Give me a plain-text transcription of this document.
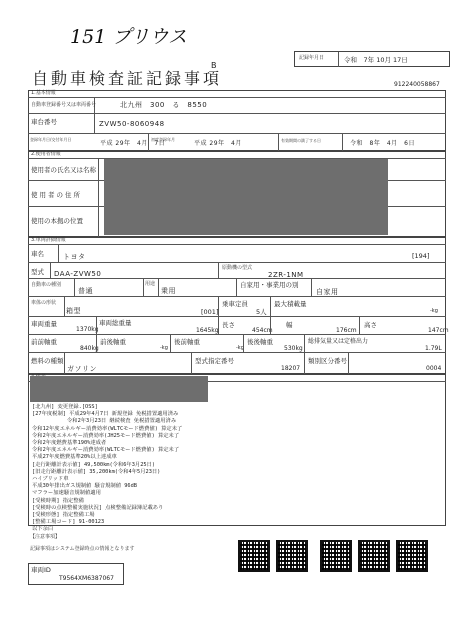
151 プリウス
B
記録年月日	令和　7年 10月 17日
自動車検査証記録事項	912240058867
1.基本情報
自動車登録番号又は車両番号	北九州　300　る　8550
車台番号	ZVW50-8060948
登録年月日/交付年月日
平成 29年　4月　7日
初度登録年月
平成 29年　4月	有効期間の満了する日	令和　8年　4月　6日
2.使用者情報
使用者の氏名又は名称
使用者の住所
使用の本拠の位置
3.車両詳細情報
車名	トヨタ	[194]
型式 DAA-ZVW50
原動機の型式
2ZR-1NM
自動車の種別
普通
用途
乗用
自家用・事業用の別
自家用
車体の形状
箱型	[001]
乗車定員
5人
最大積載量
-kg
車両重量
1370kg
車両総重量
1645kg
長さ
454cm
幅
176cm
高さ
147cm
前前軸重
840kg
前後軸重
-kg
後前軸重
-kg
後後軸重
530kg
総排気量又は定格出力
1.79L
燃料の種類
ガソリン
型式指定番号
18207
類別区分番号
0004
[北九州] 変更登録.[OSS]
[27年度税制] 平成29年4月7日 新規登録 免税措置適用済み
　　　　　　 令和2年3月23日 継続検査 免税措置適用済み
令和12年度エネルギー消費効率(WLTCモード燃費値) 算定未了
令和2年度エネルギー消費効率(JH25モード燃費値) 算定未了
令和2年度燃費基準190%達成者
令和2年度エネルギー消費効率(WLTCモード燃費値) 算定未了
平成27年度燃費基準20%以上達成車
[走行距離計表示値] 49,500km(令和6年3月25日)
[旧走行距離計表示値] 35,200km(令和4年5月23日)
ハイブリッド車
平成30年排出ガス規制値 騒音規制値 96dB
マフラー加速騒音規制値適用
[受検時期] 指定整備
[受検時の点検整備実施状況] 点検整備記録簿記載あり
[受検形態] 指定整備工場
[整備工場コード] 91-00123
以下余白
【注意事項】
記録事項はシステム登録時点の情報となります
車両ID
T9564XM6387067
